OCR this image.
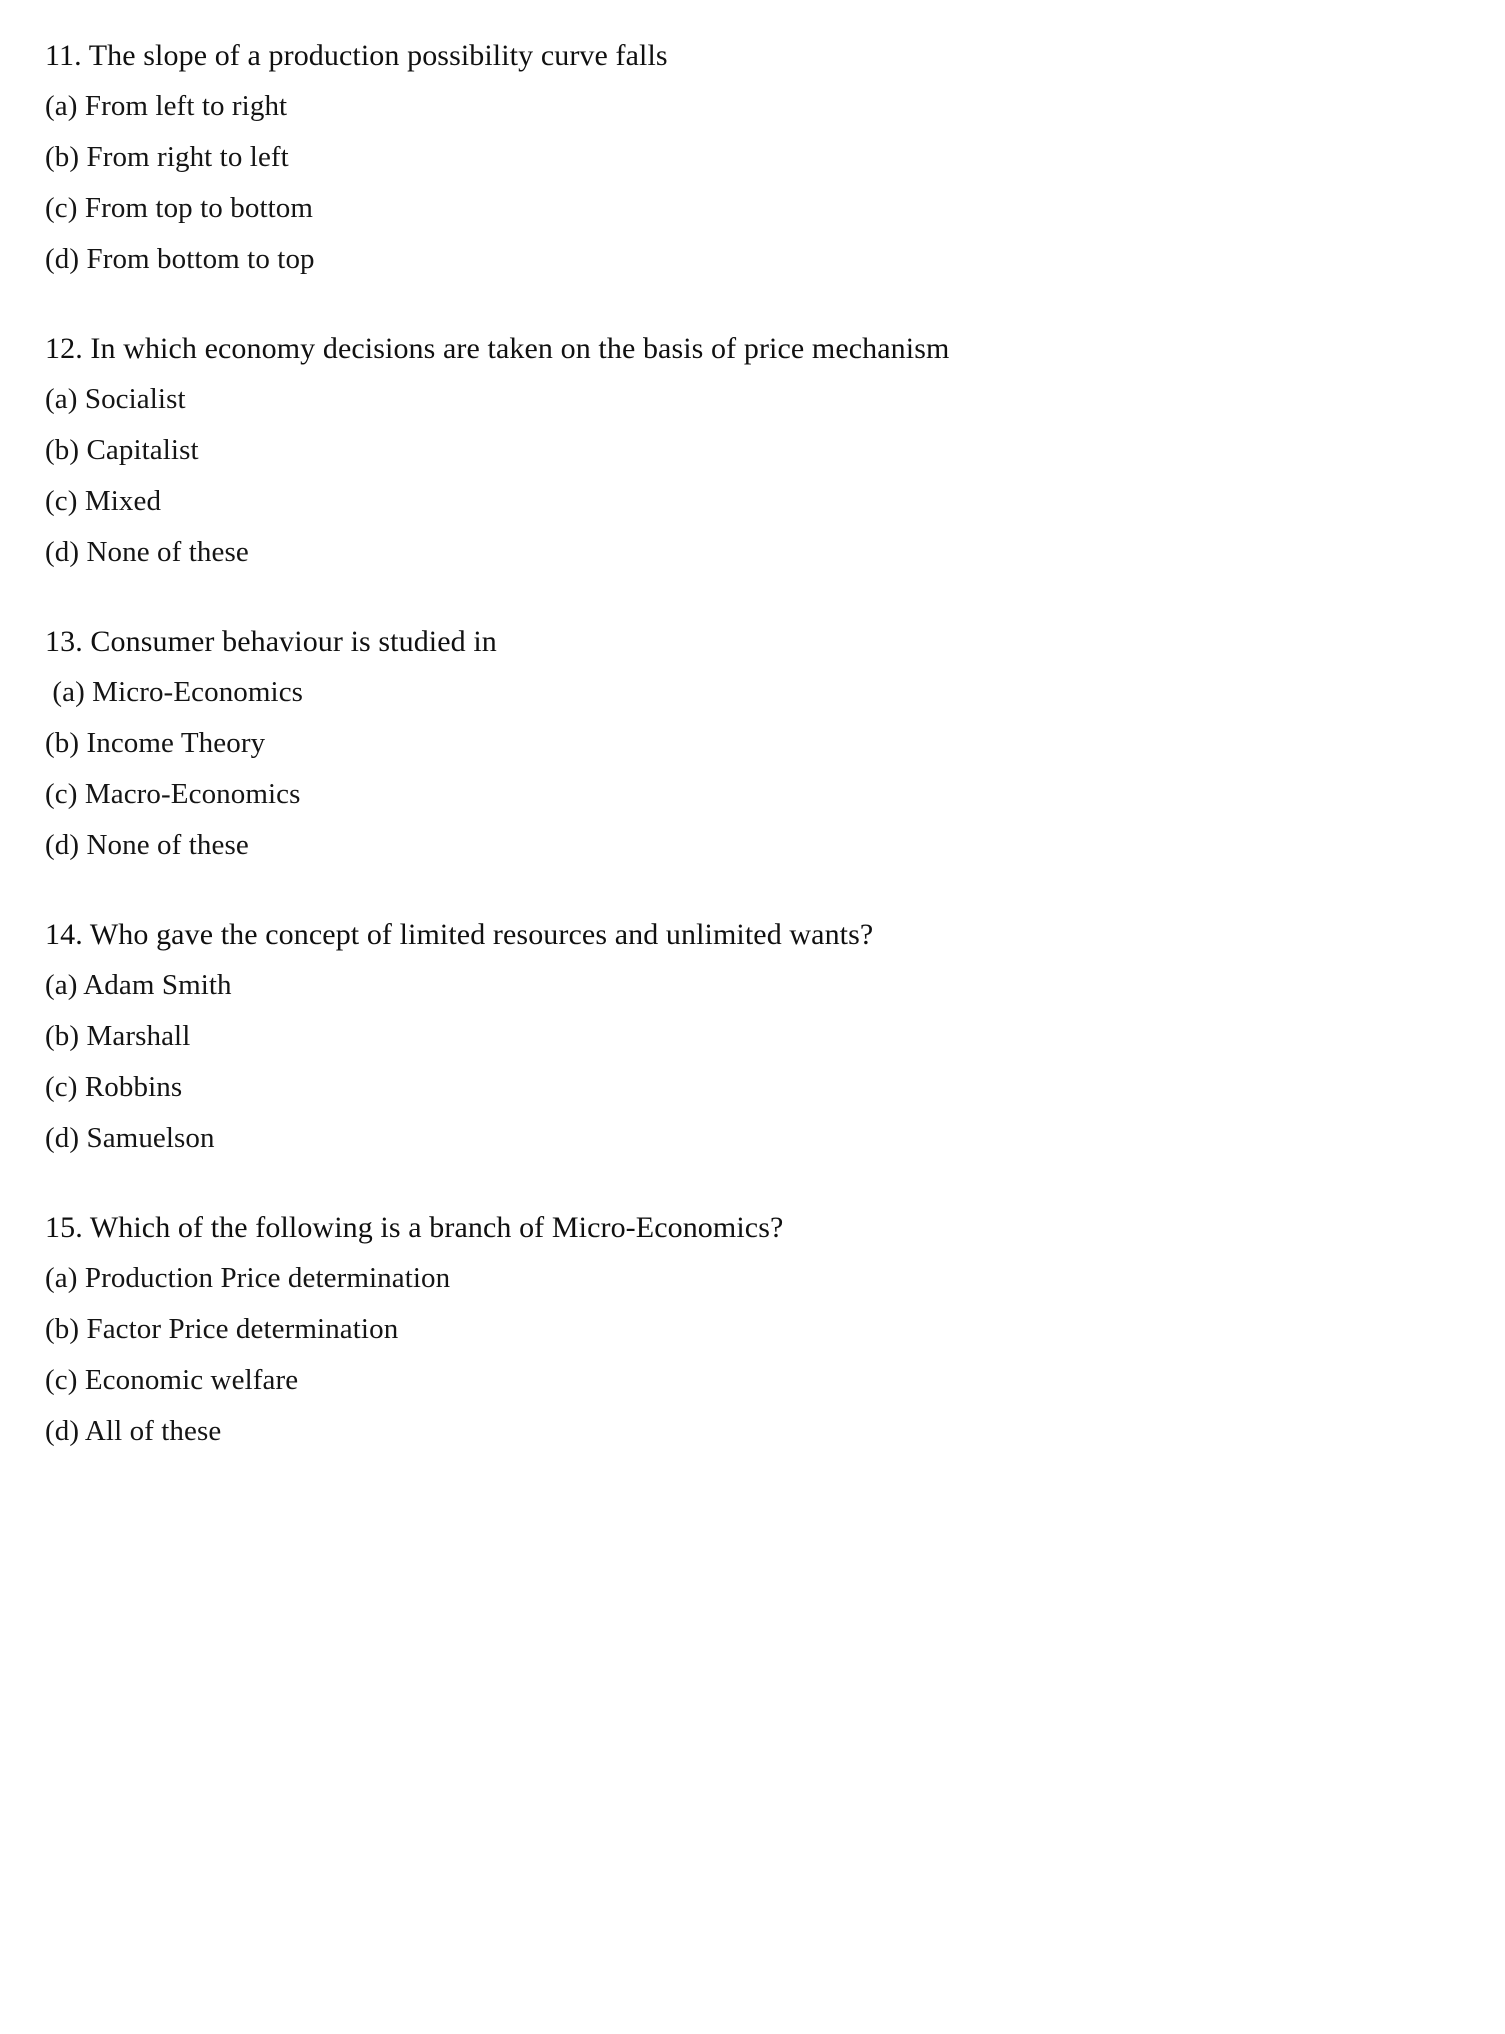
11. The slope of a production possibility curve falls
(a) From left to right
(b) From right to left
(c) From top to bottom
(d) From bottom to top
12. In which economy decisions are taken on the basis of price mechanism
(a) Socialist
(b) Capitalist
(c) Mixed
(d) None of these
13. Consumer behaviour is studied in
(a) Micro-Economics
(b) Income Theory
(c) Macro-Economics
(d) None of these
14. Who gave the concept of limited resources and unlimited wants?
(a) Adam Smith
(b) Marshall
(c) Robbins
(d) Samuelson
15. Which of the following is a branch of Micro-Economics?
(a) Production Price determination
(b) Factor Price determination
(c) Economic welfare
(d) All of these
